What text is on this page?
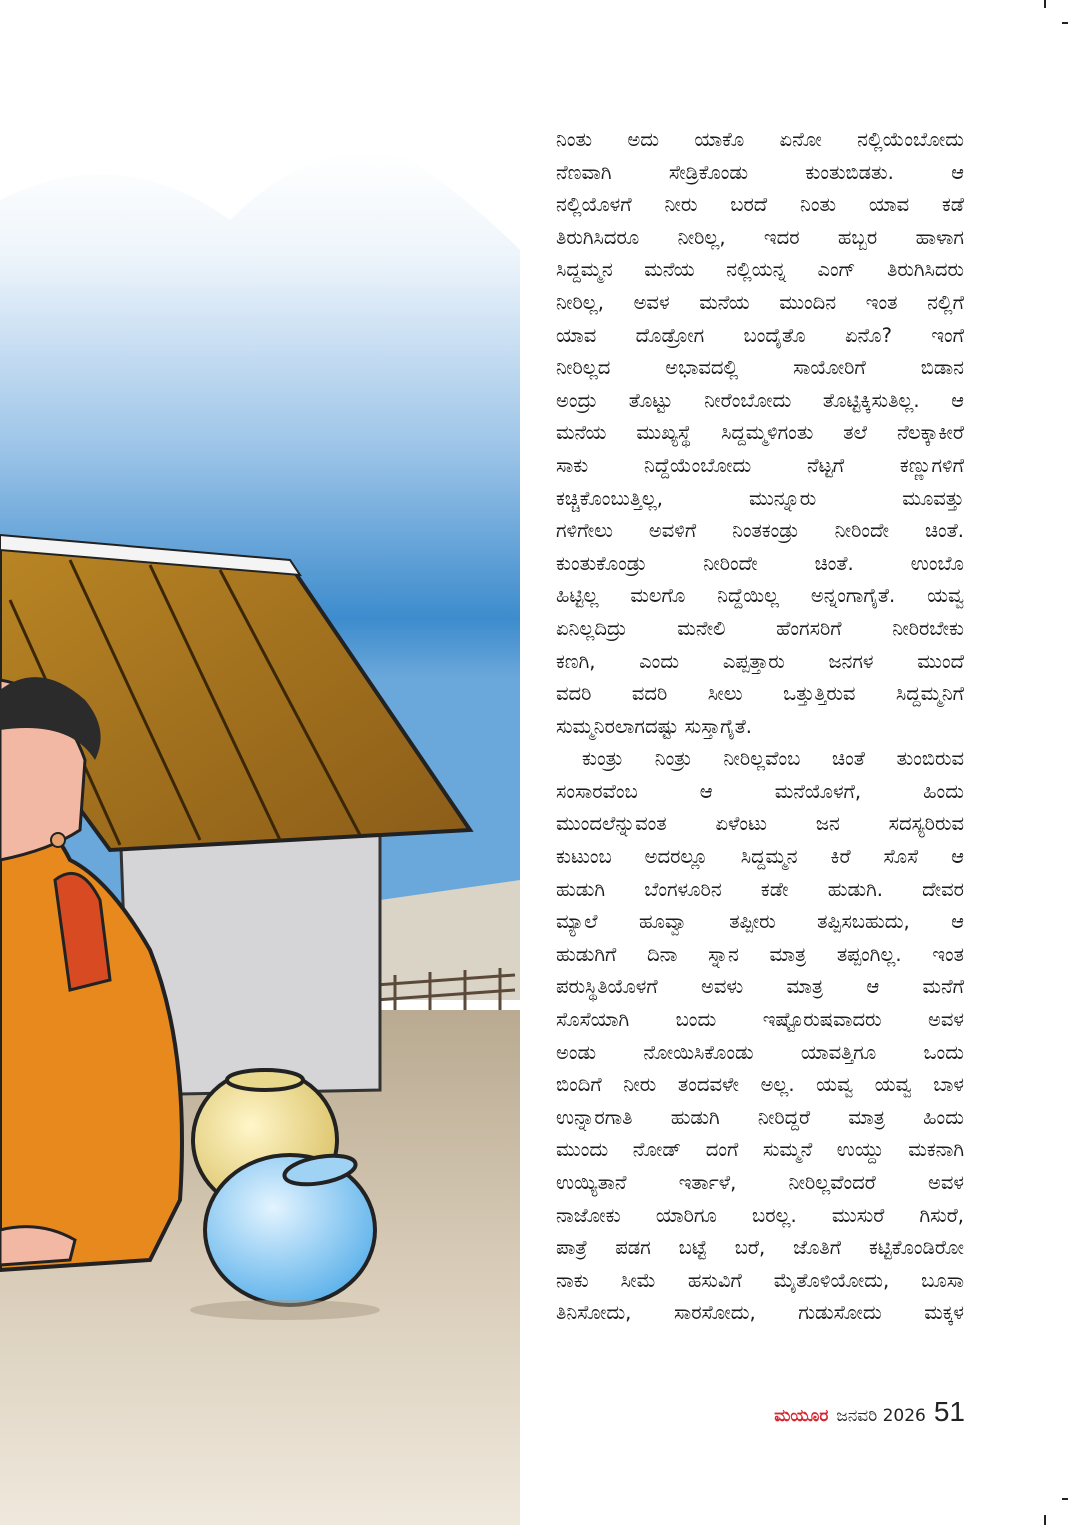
ನಿಂತು ಅದು ಯಾಕೊ ಏನೋ ನಲ್ಲಿಯೆಂಬೋದು
ನೆಣವಾಗಿ ಸೇಡ್ರಿಕೊಂಡು ಕುಂತುಬಿಡತು. ಆ
ನಲ್ಲಿಯೊಳಗೆ ನೀರು ಬರದೆ ನಿಂತು ಯಾವ ಕಡೆ
ತಿರುಗಿಸಿದರೂ ನೀರಿಲ್ಲ, ಇದರ ಹಬ್ಬರ ಹಾಳಾಗ
ಸಿದ್ದಮ್ಮನ ಮನೆಯ ನಲ್ಲಿಯನ್ನ ಎಂಗ್ ತಿರುಗಿಸಿದರು
ನೀರಿಲ್ಲ, ಅವಳ ಮನೆಯ ಮುಂದಿನ ಇಂತ ನಲ್ಲಿಗೆ
ಯಾವ ದೊಡ್ರೋಗ ಬಂದೈತೊ ಏನೊ? ಇಂಗೆ
ನೀರಿಲ್ಲದ ಅಭಾವದಲ್ಲಿ ಸಾಯೋರಿಗೆ ಬಿಡಾನ
ಅಂದ್ರು ತೊಟ್ಟು ನೀರೆಂಬೋದು ತೊಟ್ಟಿಕ್ಕಿಸುತಿಲ್ಲ. ಆ
ಮನೆಯ ಮುಖ್ಯಸ್ಥೆ ಸಿದ್ದಮ್ಮಳಿಗಂತು ತಲೆ ನೆಲಕ್ಕಾಕೀರೆ
ಸಾಕು ನಿದ್ದೆಯೆಂಬೋದು ನೆಟ್ಟಗೆ ಕಣ್ಣುಗಳಿಗೆ
ಕಚ್ಚಿಕೊಂಬುತ್ತಿಲ್ಲ, ಮುನ್ನೂರು ಮೂವತ್ತು
ಗಳಿಗೇಲು ಅವಳಿಗೆ ನಿಂತಕಂಡ್ರು ನೀರಿಂದೇ ಚಿಂತೆ.
ಕುಂತುಕೊಂಡ್ರು ನೀರಿಂದೇ ಚಿಂತೆ. ಉಂಬೊ
ಹಿಟ್ಟಿಲ್ಲ ಮಲಗೊ ನಿದ್ದೆಯಿಲ್ಲ ಅನ್ನಂಗಾಗೈತೆ. ಯವ್ವ
ಏನಿಲ್ಲದಿದ್ರು ಮನೇಲಿ ಹೆಂಗಸರಿಗೆ ನೀರಿರಬೇಕು
ಕಣಗಿ, ಎಂದು ಎಪ್ಪತ್ತಾರು ಜನಗಳ ಮುಂದೆ
ವದರಿ ವದರಿ ಸೀಲು ಒತ್ತುತ್ತಿರುವ ಸಿದ್ದಮ್ಮನಿಗೆ
ಸುಮ್ಮನಿರಲಾಗದಷ್ಟು ಸುಸ್ತಾಗೈತೆ.
ಕುಂತ್ರು ನಿಂತ್ರು ನೀರಿಲ್ಲವೆಂಬ ಚಿಂತೆ ತುಂಬಿರುವ
ಸಂಸಾರವೆಂಬ ಆ ಮನೆಯೊಳಗೆ, ಹಿಂದು
ಮುಂದಲೆನ್ನುವಂತ ಏಳೆಂಟು ಜನ ಸದಸ್ಯರಿರುವ
ಕುಟುಂಬ ಅದರಲ್ಲೂ ಸಿದ್ದಮ್ಮನ ಕಿರೆ ಸೊಸೆ ಆ
ಹುಡುಗಿ ಬೆಂಗಳೂರಿನ ಕಡೇ ಹುಡುಗಿ. ದೇವರ
ಮ್ಯಾಲೆ ಹೂವ್ವಾ ತಪ್ಪೀರು ತಪ್ಪಿಸಬಹುದು, ಆ
ಹುಡುಗಿಗೆ ದಿನಾ ಸ್ನಾನ ಮಾತ್ರ ತಪ್ಪಂಗಿಲ್ಲ. ಇಂತ
ಪರುಸ್ಥಿತಿಯೊಳಗೆ ಅವಳು ಮಾತ್ರ ಆ ಮನೆಗೆ
ಸೊಸೆಯಾಗಿ ಬಂದು ಇಷ್ಟೊರುಷವಾದರು ಅವಳ
ಅಂಡು ನೋಯಿಸಿಕೊಂಡು ಯಾವತ್ತಿಗೂ ಒಂದು
ಬಿಂದಿಗೆ ನೀರು ತಂದವಳೇ ಅಲ್ಲ. ಯವ್ವ ಯವ್ವ ಬಾಳ
ಉನ್ನಾರಗಾತಿ ಹುಡುಗಿ ನೀರಿದ್ದರೆ ಮಾತ್ರ ಹಿಂದು
ಮುಂದು ನೋಡ್ ದಂಗೆ ಸುಮ್ಮನೆ ಉಯ್ದು ಮಕನಾಗಿ
ಉಯ್ಯಿತಾನೆ ಇರ್ತಾಳೆ, ನೀರಿಲ್ಲವೆಂದರೆ ಅವಳ
ನಾಜೋಕು ಯಾರಿಗೂ ಬರಲ್ಲ. ಮುಸುರೆ ಗಿಸುರೆ,
ಪಾತ್ರೆ ಪಡಗ ಬಟ್ಟೆ ಬರೆ, ಜೊತಿಗೆ ಕಟ್ಟಿಕೊಂಡಿರೋ
ನಾಕು ಸೀಮೆ ಹಸುವಿಗೆ ಮೈತೊಳಿಯೋದು, ಬೂಸಾ
ತಿನಿಸೋದು, ಸಾರಸೋದು, ಗುಡುಸೋದು ಮಕ್ಕಳ
ಮಯೂರ ಜನವರಿ 2026 51
